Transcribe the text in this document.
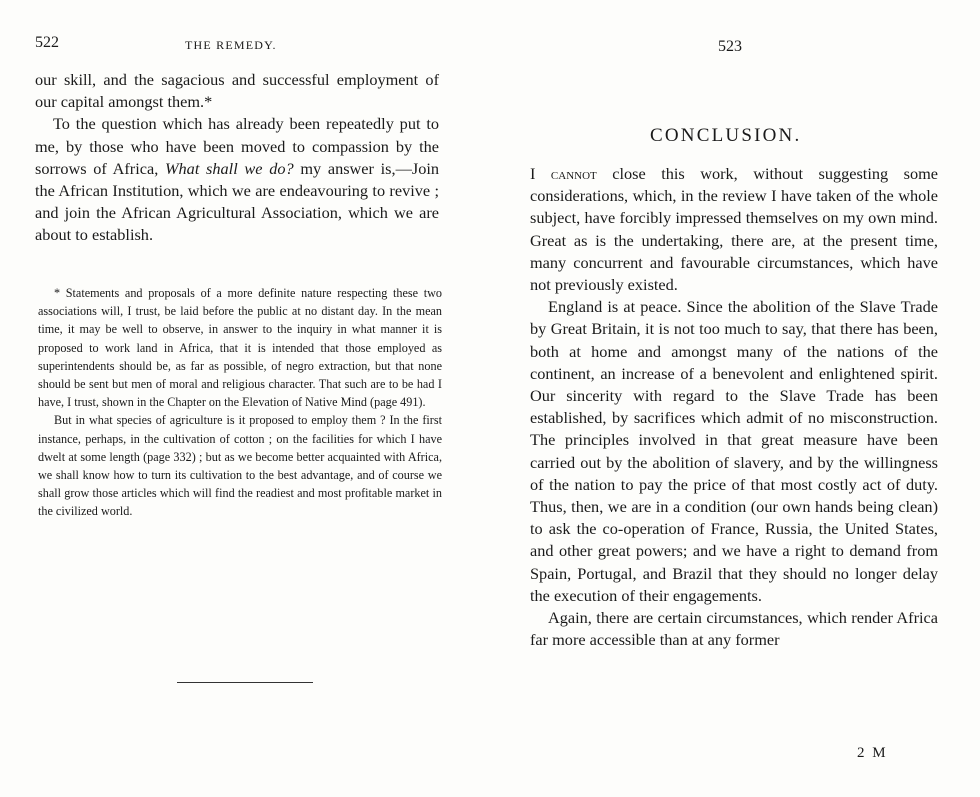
522	THE REMEDY.

our skill, and the sagacious and successful employment of our capital amongst them.*

To the question which has already been repeatedly put to me, by those who have been moved to compassion by the sorrows of Africa, What shall we do? my answer is,—Join the African Institution, which we are endeavouring to revive ; and join the African Agricultural Association, which we are about to establish.

* Statements and proposals of a more definite nature respecting these two associations will, I trust, be laid before the public at no distant day. In the mean time, it may be well to observe, in answer to the inquiry in what manner it is proposed to work land in Africa, that it is intended that those employed as superintendents should be, as far as possible, of negro extraction, but that none should be sent but men of moral and religious character. That such are to be had I have, I trust, shown in the Chapter on the Elevation of Native Mind (page 491).

But in what species of agriculture is it proposed to employ them ? In the first instance, perhaps, in the cultivation of cotton ; on the facilities for which I have dwelt at some length (page 332) ; but as we become better acquainted with Africa, we shall know how to turn its cultivation to the best advantage, and of course we shall grow those articles which will find the readiest and most profitable market in the civilized world.

523
CONCLUSION.

I cannot close this work, without suggesting some considerations, which, in the review I have taken of the whole subject, have forcibly impressed themselves on my own mind. Great as is the undertaking, there are, at the present time, many concurrent and favourable circumstances, which have not previously existed.

England is at peace. Since the abolition of the Slave Trade by Great Britain, it is not too much to say, that there has been, both at home and amongst many of the nations of the continent, an increase of a benevolent and enlightened spirit. Our sincerity with regard to the Slave Trade has been established, by sacrifices which admit of no misconstruction. The principles involved in that great measure have been carried out by the abolition of slavery, and by the willingness of the nation to pay the price of that most costly act of duty. Thus, then, we are in a condition (our own hands being clean) to ask the co-operation of France, Russia, the United States, and other great powers; and we have a right to demand from Spain, Portugal, and Brazil that they should no longer delay the execution of their engagements.

Again, there are certain circumstances, which render Africa far more accessible than at any former

2 M
